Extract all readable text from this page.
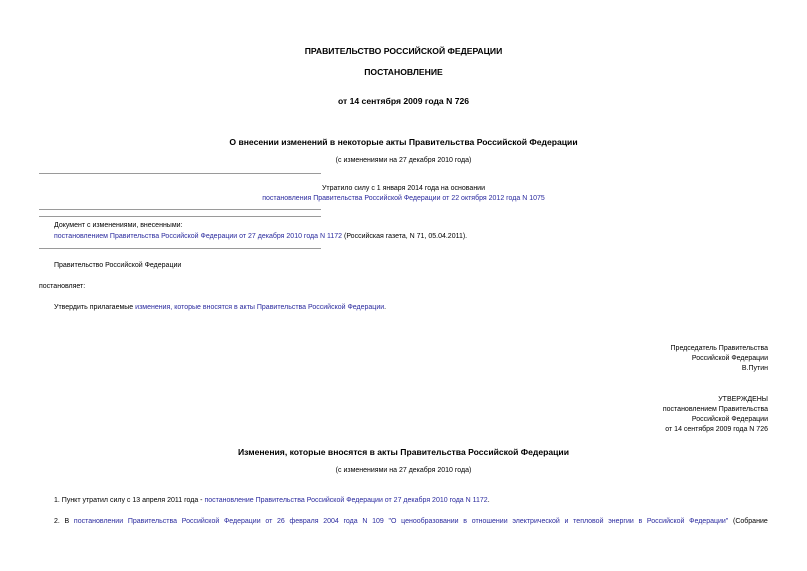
ПРАВИТЕЛЬСТВО РОССИЙСКОЙ ФЕДЕРАЦИИ
ПОСТАНОВЛЕНИЕ
от 14 сентября 2009 года N 726
О внесении изменений в некоторые акты Правительства Российской Федерации
(с изменениями на 27 декабря 2010 года)
Утратило силу с 1 января 2014 года на основании
постановления Правительства Российской Федерации от 22 октября 2012 года N 1075
Документ с изменениями, внесенными:
постановлением Правительства Российской Федерации от 27 декабря 2010 года N 1172 (Российская газета, N 71, 05.04.2011).
Правительство Российской Федерации
постановляет:
Утвердить прилагаемые изменения, которые вносятся в акты Правительства Российской Федерации.
Председатель Правительства
Российской Федерации
В.Путин
УТВЕРЖДЕНЫ
постановлением Правительства
Российской Федерации
от 14 сентября 2009 года N 726
Изменения, которые вносятся в акты Правительства Российской Федерации
(с изменениями на 27 декабря 2010 года)
1. Пункт утратил силу с 13 апреля 2011 года - постановление Правительства Российской Федерации от 27 декабря 2010 года N 1172.
2. В постановлении Правительства Российской Федерации от 26 февраля 2004 года N 109 "О ценообразовании в отношении электрической и тепловой энергии в Российской Федерации" (Собрание
